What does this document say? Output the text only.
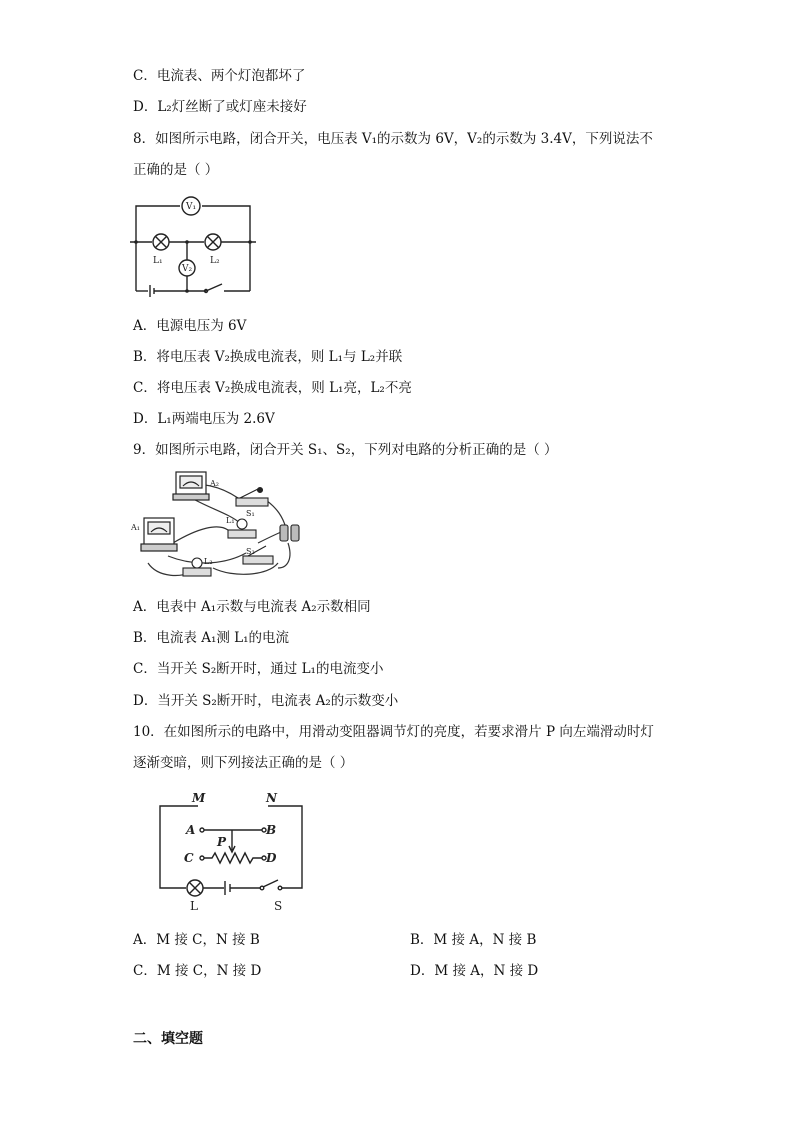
C．电流表、两个灯泡都坏了
D．L₂灯丝断了或灯座未接好
8．如图所示电路，闭合开关，电压表 V₁的示数为 6V，V₂的示数为 3.4V，下列说法不
正确的是（ ）
V₁
V₂
L₁	L₂
A．电源电压为 6V
B．将电压表 V₂换成电流表，则 L₁与 L₂并联
C．将电压表 V₂换成电流表，则 L₁亮，L₂不亮
D．L₁两端电压为 2.6V
9．如图所示电路，闭合开关 S₁、S₂，下列对电路的分析正确的是（ ）
A₂
A₁
S₁
L₁
S₂
L₂
A．电表中 A₁示数与电流表 A₂示数相同
B．电流表 A₁测 L₁的电流
C．当开关 S₂断开时，通过 L₁的电流变小
D．当开关 S₂断开时，电流表 A₂的示数变小
10．在如图所示的电路中，用滑动变阻器调节灯的亮度，若要求滑片 P 向左端滑动时灯
逐渐变暗，则下列接法正确的是（ ）
M	N
A	B
C	D
P
L	S
A．M 接 C，N 接 B	B．M 接 A，N 接 B
C．M 接 C，N 接 D	D．M 接 A，N 接 D
二、填空题
